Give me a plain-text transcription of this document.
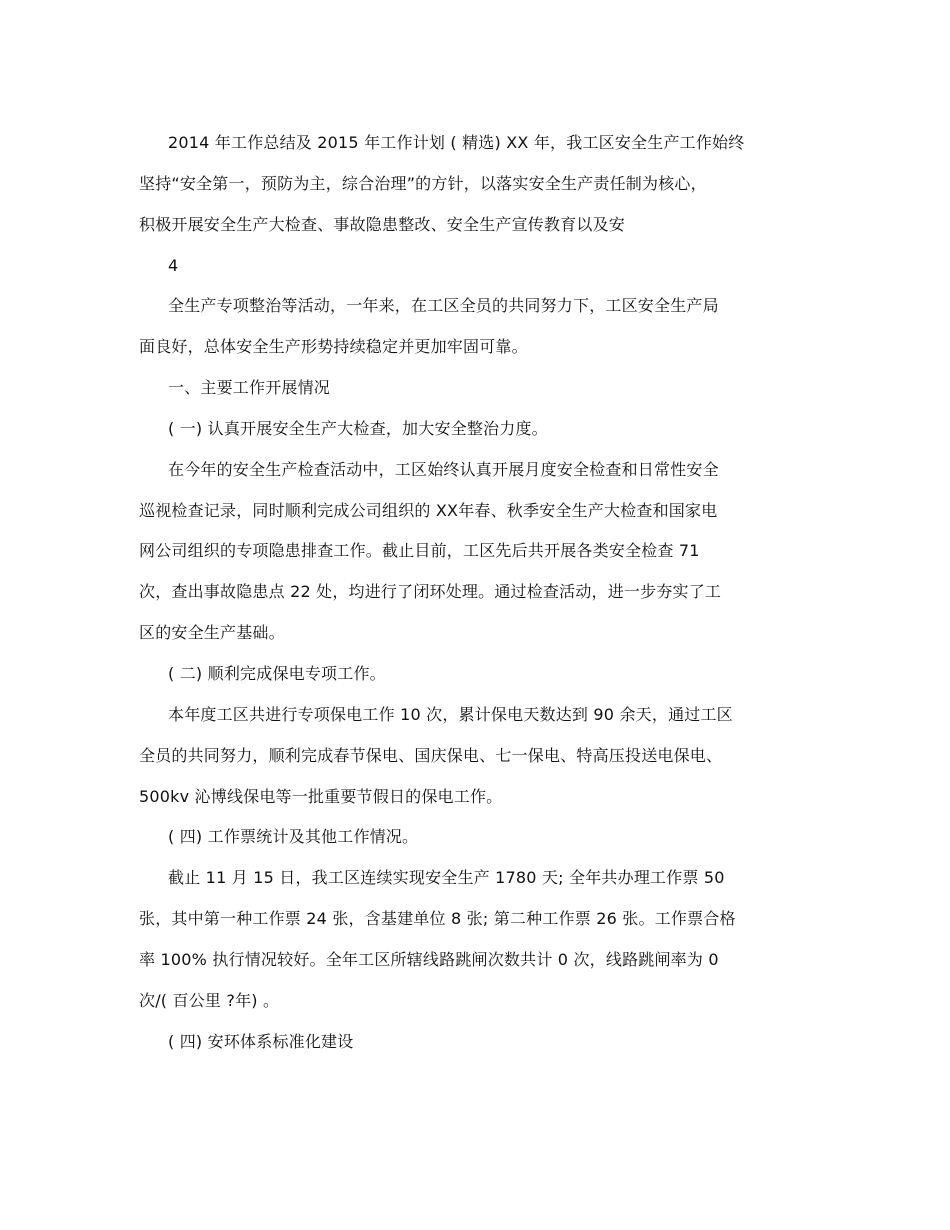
2014 年工作总结及 2015 年工作计划 ( 精选) XX 年，我工区安全生产工作始终
坚持“安全第一，预防为主，综合治理”的方针，以落实安全生产责任制为核心，
积极开展安全生产大检查、事故隐患整改、安全生产宣传教育以及安
4
全生产专项整治等活动，一年来，在工区全员的共同努力下，工区安全生产局
面良好，总体安全生产形势持续稳定并更加牢固可靠。
一、主要工作开展情况
( 一) 认真开展安全生产大检查，加大安全整治力度。
在今年的安全生产检查活动中，工区始终认真开展月度安全检查和日常性安全
巡视检查记录，同时顺利完成公司组织的 XX年春、秋季安全生产大检查和国家电
网公司组织的专项隐患排查工作。截止目前，工区先后共开展各类安全检查 71
次，查出事故隐患点 22 处，均进行了闭环处理。通过检查活动，进一步夯实了工
区的安全生产基础。
( 二) 顺利完成保电专项工作。
本年度工区共进行专项保电工作 10 次，累计保电天数达到 90 余天，通过工区
全员的共同努力，顺利完成春节保电、国庆保电、七一保电、特高压投送电保电、
500kv 沁博线保电等一批重要节假日的保电工作。
( 四) 工作票统计及其他工作情况。
截止 11 月 15 日，我工区连续实现安全生产 1780 天; 全年共办理工作票 50
张，其中第一种工作票 24 张，含基建单位 8 张; 第二种工作票 26 张。工作票合格
率 100% 执行情况较好。全年工区所辖线路跳闸次数共计 0 次，线路跳闸率为 0
次/( 百公里 ?年) 。
( 四) 安环体系标准化建设
